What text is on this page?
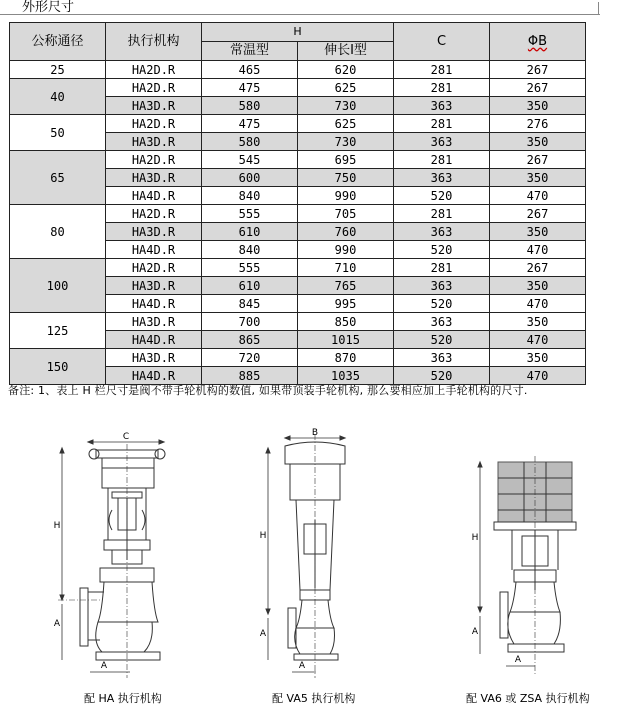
外形尺寸
公称通径	执行机构	H		C	ΦB
		常温型	伸长I型		
25	HA2D.R	465	620	281	267
40	HA2D.R	475	625	281	267
	HA3D.R	580	730	363	350
50	HA2D.R	475	625	281	276
	HA3D.R	580	730	363	350
65	HA2D.R	545	695	281	267
	HA3D.R	600	750	363	350
	HA4D.R	840	990	520	470
80	HA2D.R	555	705	281	267
	HA3D.R	610	760	363	350
	HA4D.R	840	990	520	470
100	HA2D.R	555	710	281	267
	HA3D.R	610	765	363	350
	HA4D.R	845	995	520	470
125	HA3D.R	700	850	363	350
	HA4D.R	865	1015	520	470
150	HA3D.R	720	870	363	350
	HA4D.R	885	1035	520	470
备注: 1、表上 H 栏尺寸是阀不带手轮机构的数值, 如果带顶装手轮机构, 那么要相应加上手轮机构的尺寸.
C
H
A
A
B
H
A
A
H
A
A
配 HA 执行机构	配 VA5 执行机构	配 VA6 或 ZSA 执行机构
